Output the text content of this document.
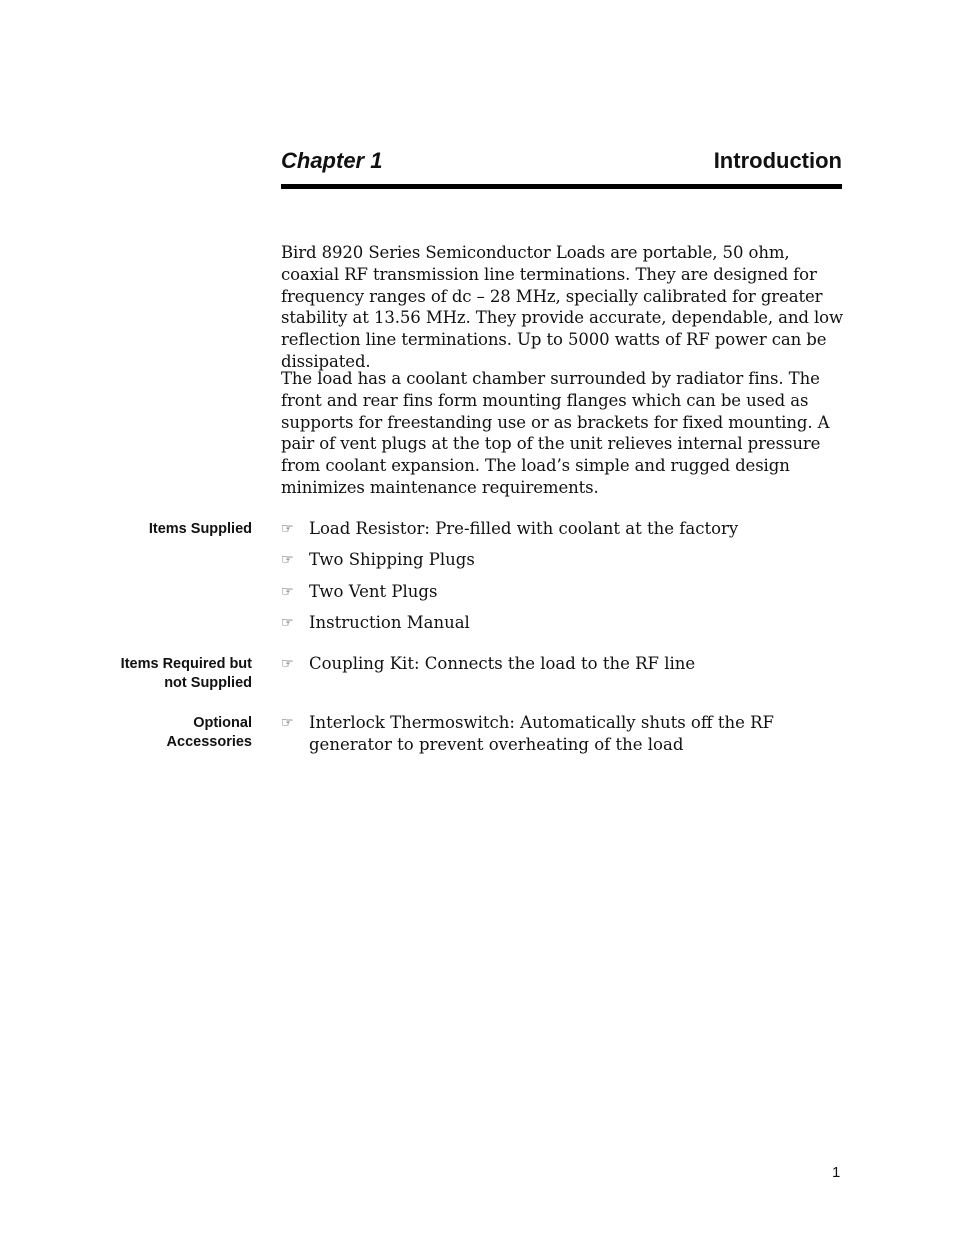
Chapter 1	Introduction

Bird 8920 Series Semiconductor Loads are portable, 50 ohm, coaxial RF transmission line terminations. They are designed for frequency ranges of dc – 28 MHz, specially calibrated for greater stability at 13.56 MHz. They provide accurate, dependable, and low reflection line terminations. Up to 5000 watts of RF power can be dissipated.

The load has a coolant chamber surrounded by radiator fins. The front and rear fins form mounting flanges which can be used as supports for freestanding use or as brackets for fixed mounting. A pair of vent plugs at the top of the unit relieves internal pressure from coolant expansion. The load’s simple and rugged design minimizes maintenance requirements.

Items Supplied ☞ Load Resistor: Pre-filled with coolant at the factory
☞ Two Shipping Plugs
☞ Two Vent Plugs
☞ Instruction Manual
Items Required but
not Supplied
☞ Coupling Kit: Connects the load to the RF line
Optional
Accessories
☞ Interlock Thermoswitch: Automatically shuts off the RF generator to prevent overheating of the load
1
